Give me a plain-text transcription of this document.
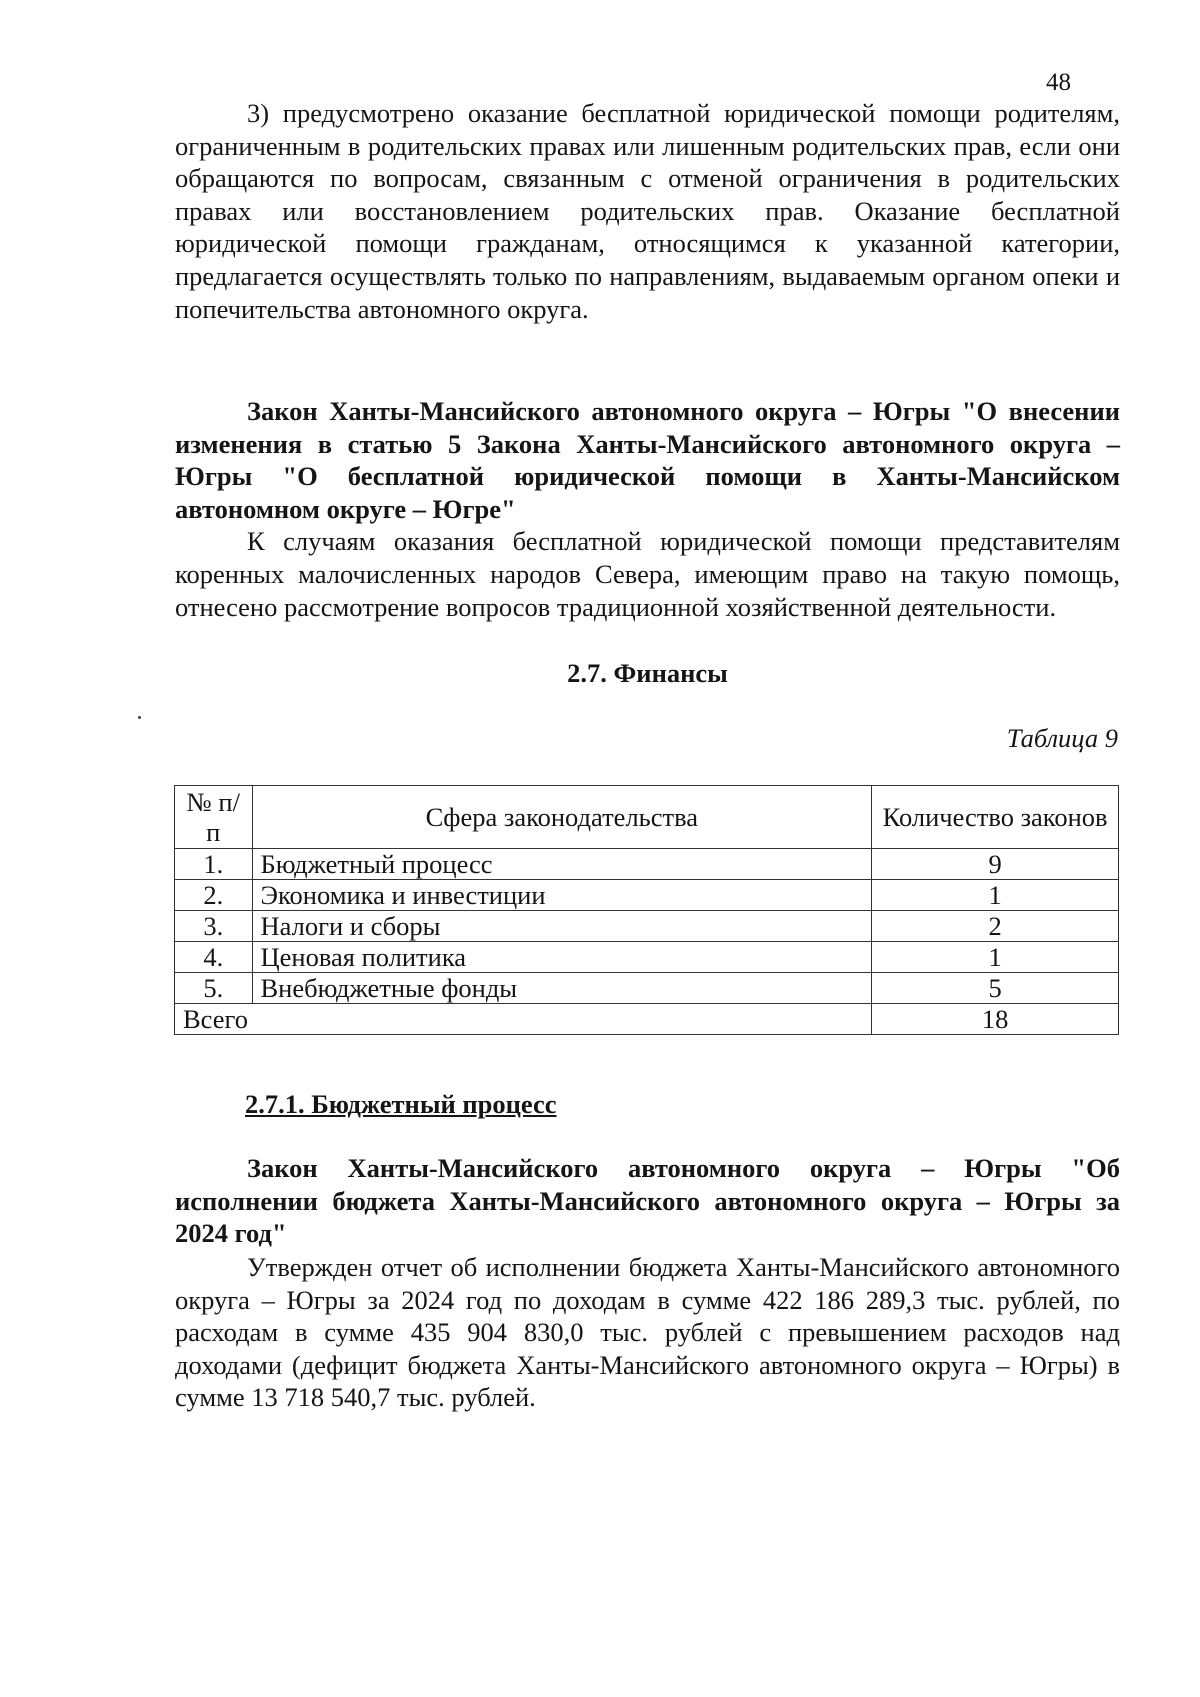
48

3) предусмотрено оказание бесплатной юридической помощи родителям, ограниченным в родительских правах или лишенным родительских прав, если они обращаются по вопросам, связанным с отменой ограничения в родительских правах или восстановлением родительских прав. Оказание бесплатной юридической помощи гражданам, относящимся к указанной категории, предлагается осуществлять только по направлениям, выдаваемым органом опеки и попечительства автономного округа.

Закон Ханты-Мансийского автономного округа – Югры "О внесении изменения в статью 5 Закона Ханты-Мансийского автономного округа – Югры "О бесплатной юридической помощи в Ханты-Мансийском автономном округе – Югре"

К случаям оказания бесплатной юридической помощи представителям коренных малочисленных народов Севера, имеющим право на такую помощь, отнесено рассмотрение вопросов традиционной хозяйственной деятельности.

2.7. Финансы
Таблица 9
№ п/п	Сфера законодательства	Количество законов
1.	Бюджетный процесс	9
2.	Экономика и инвестиции	1
3.	Налоги и сборы	2
4.	Ценовая политика	1
5.	Внебюджетные фонды	5
Всего		18
2.7.1. Бюджетный процесс

Закон Ханты-Мансийского автономного округа – Югры "Об исполнении бюджета Ханты-Мансийского автономного округа – Югры за 2024 год"

Утвержден отчет об исполнении бюджета Ханты-Мансийского автономного округа – Югры за 2024 год по доходам в сумме 422 186 289,3 тыс. рублей, по расходам в сумме 435 904 830,0 тыс. рублей с превышением расходов над доходами (дефицит бюджета Ханты-Мансийского автономного округа – Югры) в сумме 13 718 540,7 тыс. рублей.
